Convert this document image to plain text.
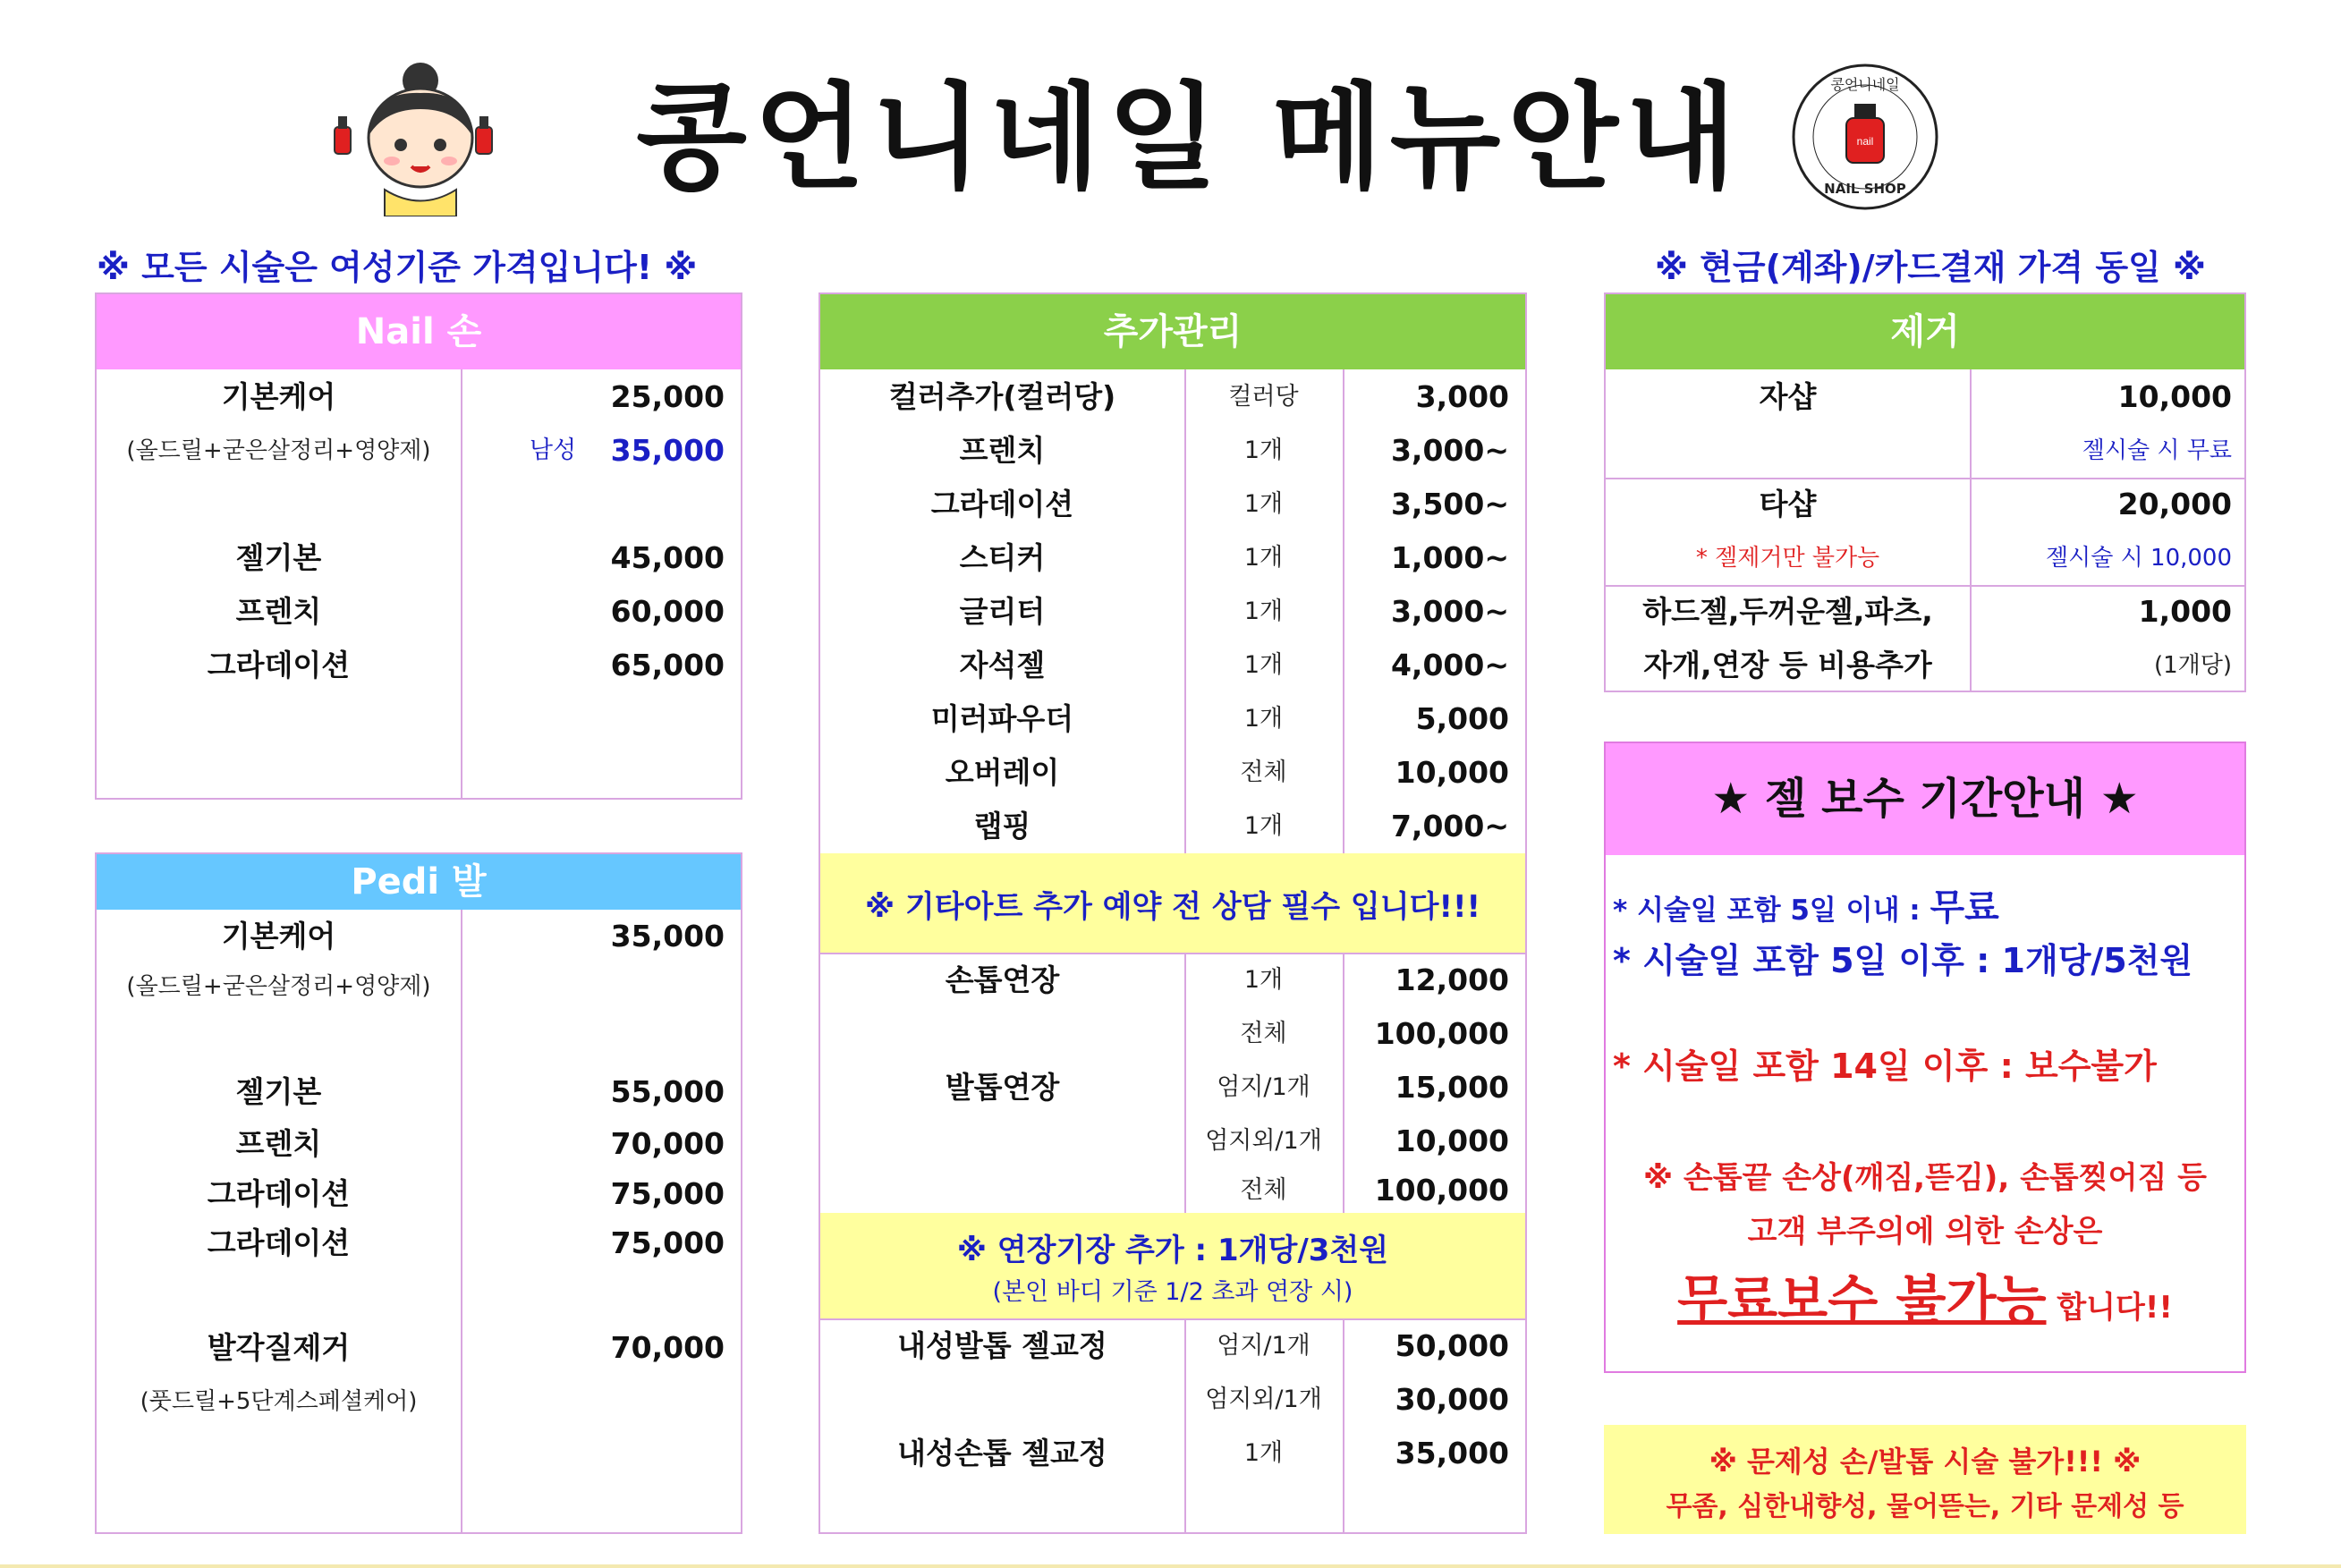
콩언니네일 메뉴안내	nail
콩언니네일
NAIL SHOP
※ 모든 시술은 여성기준 가격입니다! ※	※ 현금(계좌)/카드결재 가격 동일 ※
Nail 손
기본케어	25,000
(올드릴+굳은살정리+영양제)	남성	35,000
젤기본	45,000
프렌치	60,000
그라데이션	65,000
Pedi 발
기본케어	35,000
(올드릴+굳은살정리+영양제)
젤기본	55,000
프렌치	70,000
그라데이션	75,000
그라데이션	75,000
발각질제거	70,000
(풋드릴+5단계스페셜케어)
추가관리
컬러추가(컬러당)	컬러당	3,000
프렌치	1개	3,000~
그라데이션	1개	3,500~
스티커	1개	1,000~
글리터	1개	3,000~
자석젤	1개	4,000~
미러파우더	1개	5,000
오버레이	전체	10,000
랩핑	1개	7,000~
※ 기타아트 추가 예약 전 상담 필수 입니다!!!
손톱연장	1개	12,000
전체	100,000
발톱연장	엄지/1개	15,000
엄지외/1개	10,000
전체	100,000
※ 연장기장 추가 : 1개당/3천원
(본인 바디 기준 1/2 초과 연장 시)
내성발톱 젤교정	엄지/1개	50,000
엄지외/1개	30,000
내성손톱 젤교정	1개	35,000
제거
자샵	10,000
젤시술 시 무료
타샵	20,000
* 젤제거만 불가능	젤시술 시 10,000
하드젤,두꺼운젤,파츠,	1,000
자개,연장 등 비용추가	(1개당)
★ 젤 보수 기간안내 ★
* 시술일 포함 5일 이내 : 무료
* 시술일 포함 5일 이후 : 1개당/5천원
* 시술일 포함 14일 이후 : 보수불가
※ 손톱끝 손상(깨짐,뜯김), 손톱찢어짐 등
고객 부주의에 의한 손상은
무료보수 불가능 합니다!!
※ 문제성 손/발톱 시술 불가!!! ※
무좀, 심한내향성, 물어뜯는, 기타 문제성 등
